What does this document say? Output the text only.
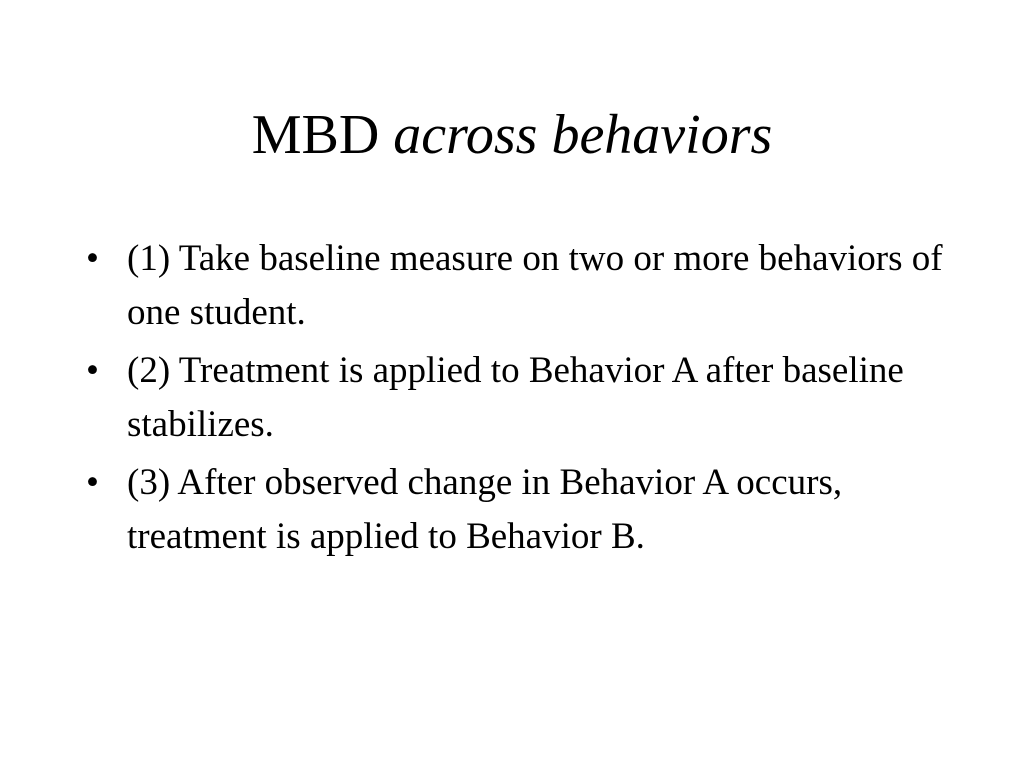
MBD across behaviors
• (1) Take baseline measure on two or more behaviors of one student.
• (2) Treatment is applied to Behavior A after baseline stabilizes.
• (3) After observed change in Behavior A occurs, treatment is applied to Behavior B.
